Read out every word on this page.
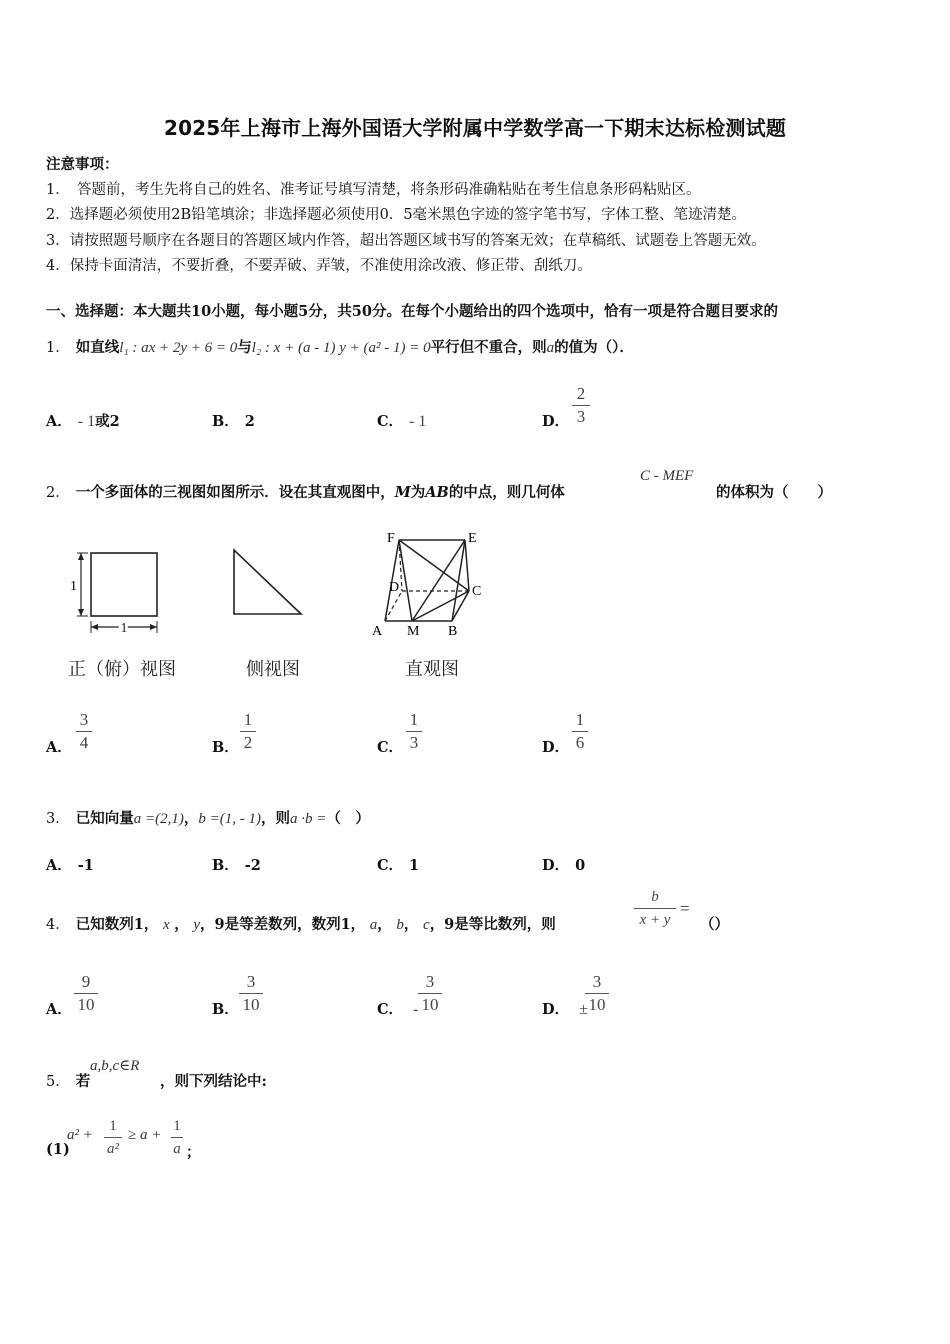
2025年上海市上海外国语大学附属中学数学高一下期末达标检测试题
注意事项：
1．　答题前，考生先将自己的姓名、准考证号填写清楚，将条形码准确粘贴在考生信息条形码粘贴区。
2．选择题必须使用2B铅笔填涂；非选择题必须使用0．5毫米黑色字迹的签字笔书写，字体工整、笔迹清楚。
3．请按照题号顺序在各题目的答题区域内作答，超出答题区域书写的答案无效；在草稿纸、试题卷上答题无效。
4．保持卡面清洁，不要折叠，不要弄破、弄皱，不准使用涂改液、修正带、刮纸刀。
一、选择题：本大题共10小题，每小题5分，共50分。在每个小题给出的四个选项中，恰有一项是符合题目要求的
1． 如直线l₁ : ax + 2y + 6 = 0与l₂ : x + (a - 1) y + (a² - 1) = 0平行但不重合，则a的值为（）．
A． - 1或2	B． 2	C． - 1	D．
2
3
2． 一个多面体的三视图如图所示．设在其直观图中，M为AB的中点，则几何体
C - MEF
的体积为（　　）
1
1
F	E
D	C
A M B
正（俯）视图	侧视图	直观图
A．
3
4	B．
1
2	C．
1
3	D．
1
6
3． 已知向量a =(2,1)，b =(1, - 1)，则a ·b =（　）
A． -1	B． -2	C． 1	D． 0
4． 已知数列1， x ， y，9是等差数列，数列1， a， b， c，9是等比数列，则
b
x + y
=
（）
A．
9
10	B．
3
10	C． -
3
10	D． ±
3
10
5． 若
a,b,c∈R
，则下列结论中:
(1)
a² +
1
a²
≥ a +
1
a ；
